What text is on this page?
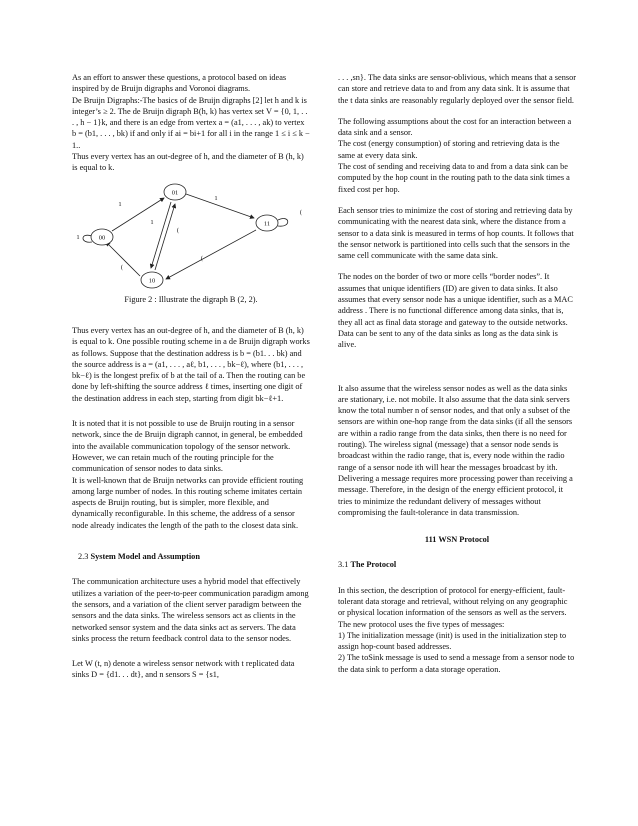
As an effort to answer these questions, a protocol based on ideas inspired by de Bruijn digraphs and Voronoi diagrams.

De Bruijn Digraphs:-The basics of de Bruijn digraphs [2] let h and k is integer’s ≥ 2. The de Bruijn digraph B(h, k) has vertex set V = {0, 1, . . . , h − 1}k, and there is an edge from vertex a = (a1, . . . , ak) to vertex b = (b1, . . . , bk) if and only if ai = bi+1 for all i in the range 1 ≤ i ≤ k − 1..

Thus every vertex has an out-degree of h, and the diameter of B (h, k) is equal to k.

01
00
11
10
1
1
1
(
(
(
(
1

Figure 2 : Illustrate the digraph B (2, 2).

Thus every vertex has an out-degree of h, and the diameter of B (h, k) is equal to k. One possible routing scheme in a de Bruijn digraph works as follows. Suppose that the destination address is b = (b1. . . bk) and the source address is a = (a1, . . . , aℓ, b1, . . . , bk−ℓ), where (b1, . . . , bk−ℓ) is the longest prefix of b at the tail of a. Then the routing can be done by left-shifting the source address ℓ times, inserting one digit of the destination address in each step, starting from digit bk−ℓ+1.

It is noted that it is not possible to use de Bruijn routing in a sensor network, since the de Bruijn digraph cannot, in general, be embedded into the available communication topology of the sensor network. However, we can retain much of the routing principle for the communication of sensor nodes to data sinks.

It is well-known that de Bruijn networks can provide efficient routing among large number of nodes. In this routing scheme imitates certain aspects de Bruijn routing, but is simpler, more flexible, and dynamically reconfigurable. In this scheme, the address of a sensor node already indicates the length of the path to the closest data sink.

2.3 System Model and Assumption

The communication architecture uses a hybrid model that effectively utilizes a variation of the peer-to-peer communication paradigm among the sensors, and a variation of the client server paradigm between the sensors and the data sinks. The wireless sensors act as clients in the networked sensor system and the data sinks act as servers. The data sinks process the return feedback control data to the sensor nodes.

Let W (t, n) denote a wireless sensor network with t replicated data sinks D = {d1. . . dt}, and n sensors S = {s1,

. . . ,sn}. The data sinks are sensor-oblivious, which means that a sensor can store and retrieve data to and from any data sink. It is assume that the t data sinks are reasonably regularly deployed over the sensor field.

The following assumptions about the cost for an interaction between a data sink and a sensor.

The cost (energy consumption) of storing and retrieving data is the same at every data sink.

The cost of sending and receiving data to and from a data sink can be computed by the hop count in the routing path to the data sink times a fixed cost per hop.

Each sensor tries to minimize the cost of storing and retrieving data by communicating with the nearest data sink, where the distance from a sensor to a data sink is measured in terms of hop counts. It follows that the sensor network is partitioned into cells such that the sensors in the same cell communicate with the same data sink.

The nodes on the border of two or more cells “border nodes”. It assumes that unique identifiers (ID) are given to data sinks. It also assumes that every sensor node has a unique identifier, such as a MAC address . There is no functional difference among data sinks, that is, they all act as final data storage and gateway to the outside networks. Data can be sent to any of the data sinks as long as the data sink is alive.

It also assume that the wireless sensor nodes as well as the data sinks are stationary, i.e. not mobile. It also assume that the data sink servers know the total number n of sensor nodes, and that only a subset of the sensors are within one-hop range from the data sinks (if all the sensors are within a radio range from the data sinks, then there is no need for routing). The wireless signal (message) that a sensor node sends is broadcast within the radio range, that is, every node within the radio range of a sensor node ith will hear the messages broadcast by ith. Delivering a message requires more processing power than receiving a message. Therefore, in the design of the energy efficient protocol, it tries to minimize the redundant delivery of messages without compromising the fault-tolerance in data transmission.

111 WSN Protocol

3.1 The Protocol

In this section, the description of protocol for energy-efficient, fault-tolerant data storage and retrieval, without relying on any geographic or physical location information of the sensors as well as the servers. The new protocol uses the five types of messages:

1) The initialization message (init) is used in the initialization step to assign hop-count based addresses.

2) The toSink message is used to send a message from a sensor node to the data sink to perform a data storage operation.
